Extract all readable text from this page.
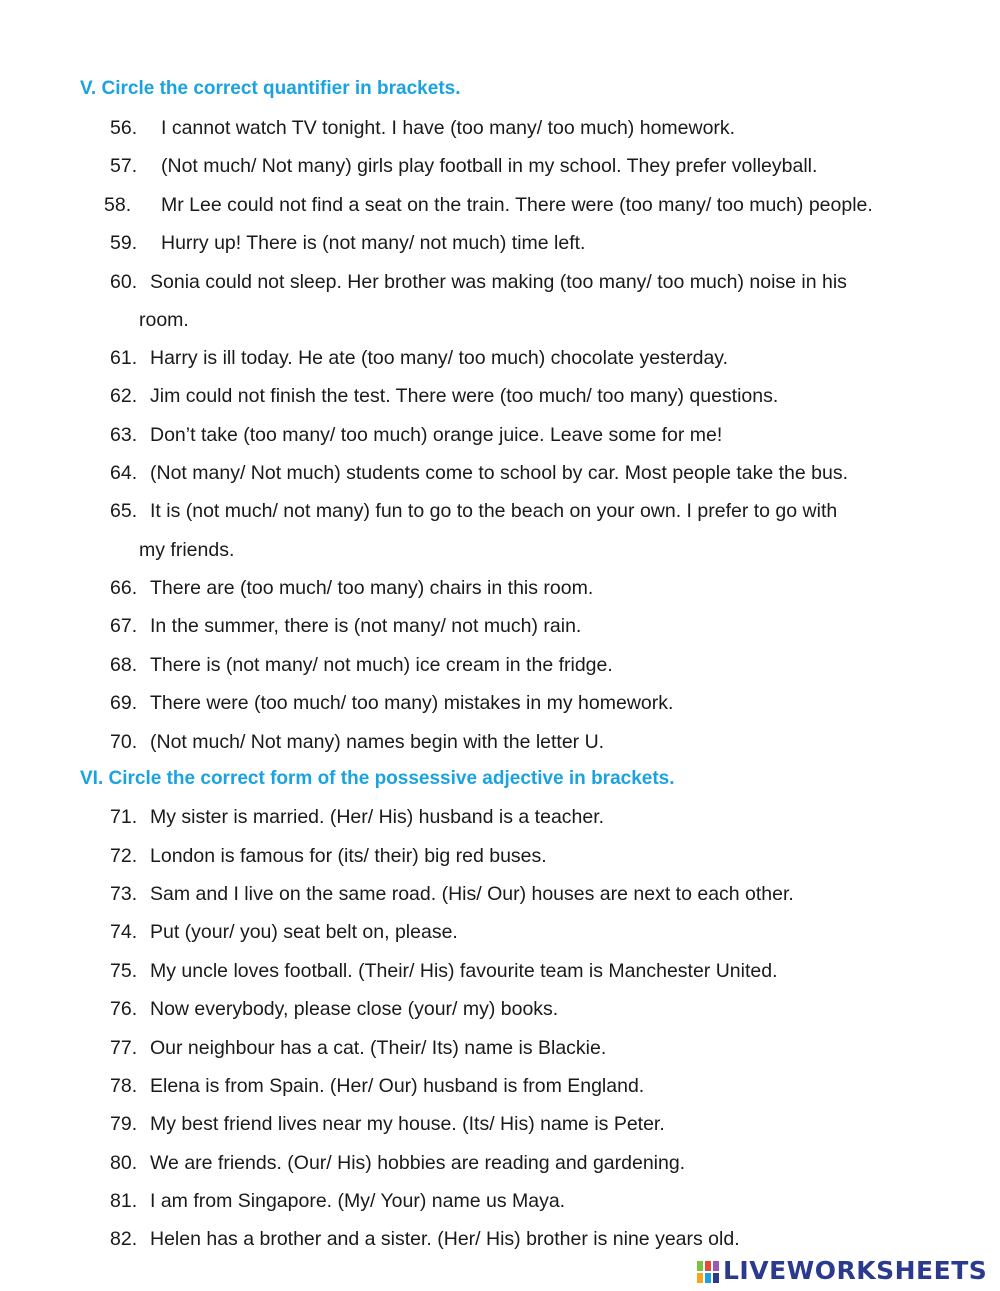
V. Circle the correct quantifier in brackets.
56. I cannot watch TV tonight. I have (too many/ too much) homework.
57. (Not much/ Not many) girls play football in my school. They prefer volleyball.
58. Mr Lee could not find a seat on the train. There were (too many/ too much) people.
59. Hurry up! There is (not many/ not much) time left.
60. Sonia could not sleep. Her brother was making (too many/ too much) noise in his
room.
61. Harry is ill today. He ate (too many/ too much) chocolate yesterday.
62. Jim could not finish the test. There were (too much/ too many) questions.
63. Don’t take (too many/ too much) orange juice. Leave some for me!
64. (Not many/ Not much) students come to school by car. Most people take the bus.
65. It is (not much/ not many) fun to go to the beach on your own. I prefer to go with
my friends.
66. There are (too much/ too many) chairs in this room.
67. In the summer, there is (not many/ not much) rain.
68. There is (not many/ not much) ice cream in the fridge.
69. There were (too much/ too many) mistakes in my homework.
70. (Not much/ Not many) names begin with the letter U.
VI. Circle the correct form of the possessive adjective in brackets.
71. My sister is married. (Her/ His) husband is a teacher.
72. London is famous for (its/ their) big red buses.
73. Sam and I live on the same road. (His/ Our) houses are next to each other.
74. Put (your/ you) seat belt on, please.
75. My uncle loves football. (Their/ His) favourite team is Manchester United.
76. Now everybody, please close (your/ my) books.
77. Our neighbour has a cat. (Their/ Its) name is Blackie.
78. Elena is from Spain. (Her/ Our) husband is from England.
79. My best friend lives near my house. (Its/ His) name is Peter.
80. We are friends. (Our/ His) hobbies are reading and gardening.
81. I am from Singapore. (My/ Your) name us Maya.
82. Helen has a brother and a sister. (Her/ His) brother is nine years old.
LIVEWORKSHEETS
